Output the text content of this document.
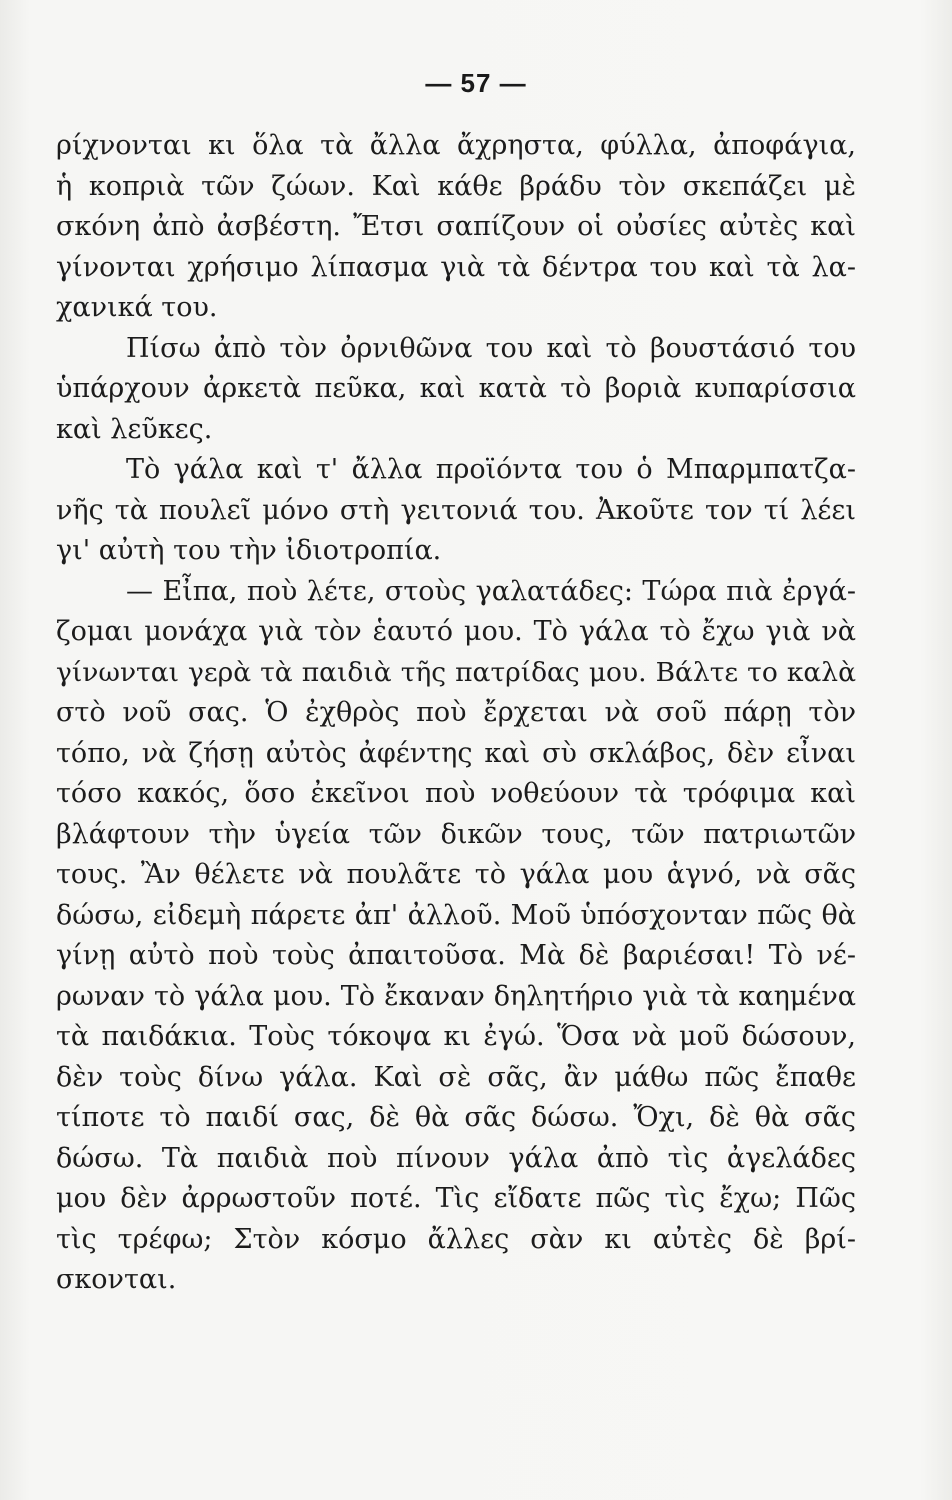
— 57 —
ρίχνονται κι ὅλα τὰ ἄλλα ἄχρηστα, φύλλα, ἀποφάγια,
ἡ κοπριὰ τῶν ζώων. Καὶ κάθε βράδυ τὸν σκεπάζει μὲ
σκόνη ἀπὸ ἀσβέστη. Ἔτσι σαπίζουν οἱ οὐσίες αὐτὲς καὶ
γίνονται χρήσιμο λίπασμα γιὰ τὰ δέντρα του καὶ τὰ λα-
χανικά του.
Πίσω ἀπὸ τὸν ὀρνιθῶνα του καὶ τὸ βουστάσιό του
ὑπάρχουν ἀρκετὰ πεῦκα, καὶ κατὰ τὸ βοριὰ κυπαρίσσια
καὶ λεῦκες.
Τὸ γάλα καὶ τ' ἄλλα προϊόντα του ὁ Μπαρμπατζα-
νῆς τὰ πουλεῖ μόνο στὴ γειτονιά του. Ἀκοῦτε τον τί λέει
γι' αὐτὴ του τὴν ἰδιοτροπία.
— Εἶπα, ποὺ λέτε, στοὺς γαλατάδες: Τώρα πιὰ ἐργά-
ζομαι μονάχα γιὰ τὸν ἑαυτό μου. Τὸ γάλα τὸ ἔχω γιὰ νὰ
γίνωνται γερὰ τὰ παιδιὰ τῆς πατρίδας μου. Βάλτε το καλὰ
στὸ νοῦ σας. Ὁ ἐχθρὸς ποὺ ἔρχεται νὰ σοῦ πάρῃ τὸν
τόπο, νὰ ζήσῃ αὐτὸς ἀφέντης καὶ σὺ σκλάβος, δὲν εἶναι
τόσο κακός, ὅσο ἐκεῖνοι ποὺ νοθεύουν τὰ τρόφιμα καὶ
βλάφτουν τὴν ὑγεία τῶν δικῶν τους, τῶν πατριωτῶν
τους. Ἂν θέλετε νὰ πουλᾶτε τὸ γάλα μου ἁγνό, νὰ σᾶς
δώσω, εἰδεμὴ πάρετε ἀπ' ἀλλοῦ. Μοῦ ὑπόσχονταν πῶς θὰ
γίνῃ αὐτὸ ποὺ τοὺς ἀπαιτοῦσα. Μὰ δὲ βαριέσαι! Τὸ νέ-
ρωναν τὸ γάλα μου. Τὸ ἔκαναν δηλητήριο γιὰ τὰ καημένα
τὰ παιδάκια. Τοὺς τόκοψα κι ἐγώ. Ὅσα νὰ μοῦ δώσουν,
δὲν τοὺς δίνω γάλα. Καὶ σὲ σᾶς, ἂν μάθω πῶς ἔπαθε
τίποτε τὸ παιδί σας, δὲ θὰ σᾶς δώσω. Ὄχι, δὲ θὰ σᾶς
δώσω. Τὰ παιδιὰ ποὺ πίνουν γάλα ἀπὸ τὶς ἀγελάδες
μου δὲν ἀρρωστοῦν ποτέ. Τὶς εἴδατε πῶς τὶς ἔχω; Πῶς
τὶς τρέφω; Στὸν κόσμο ἄλλες σὰν κι αὐτὲς δὲ βρί-
σκονται.
